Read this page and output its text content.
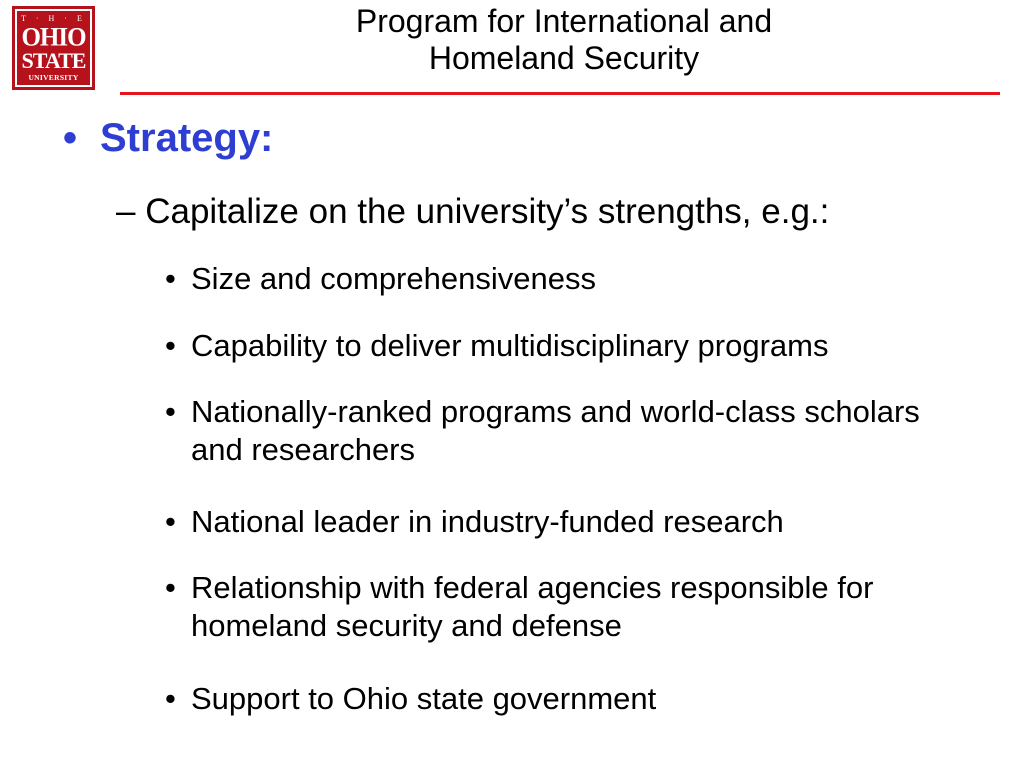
T · H · E
OHIO
STATE
UNIVERSITY
Program for International and
Homeland Security
• Strategy:
– Capitalize on the university’s strengths, e.g.:
• Size and comprehensiveness
• Capability to deliver multidisciplinary programs
• Nationally-ranked programs and world-class scholars and researchers
• National leader in industry-funded research
• Relationship with federal agencies responsible for homeland security and defense
• Support to Ohio state government
